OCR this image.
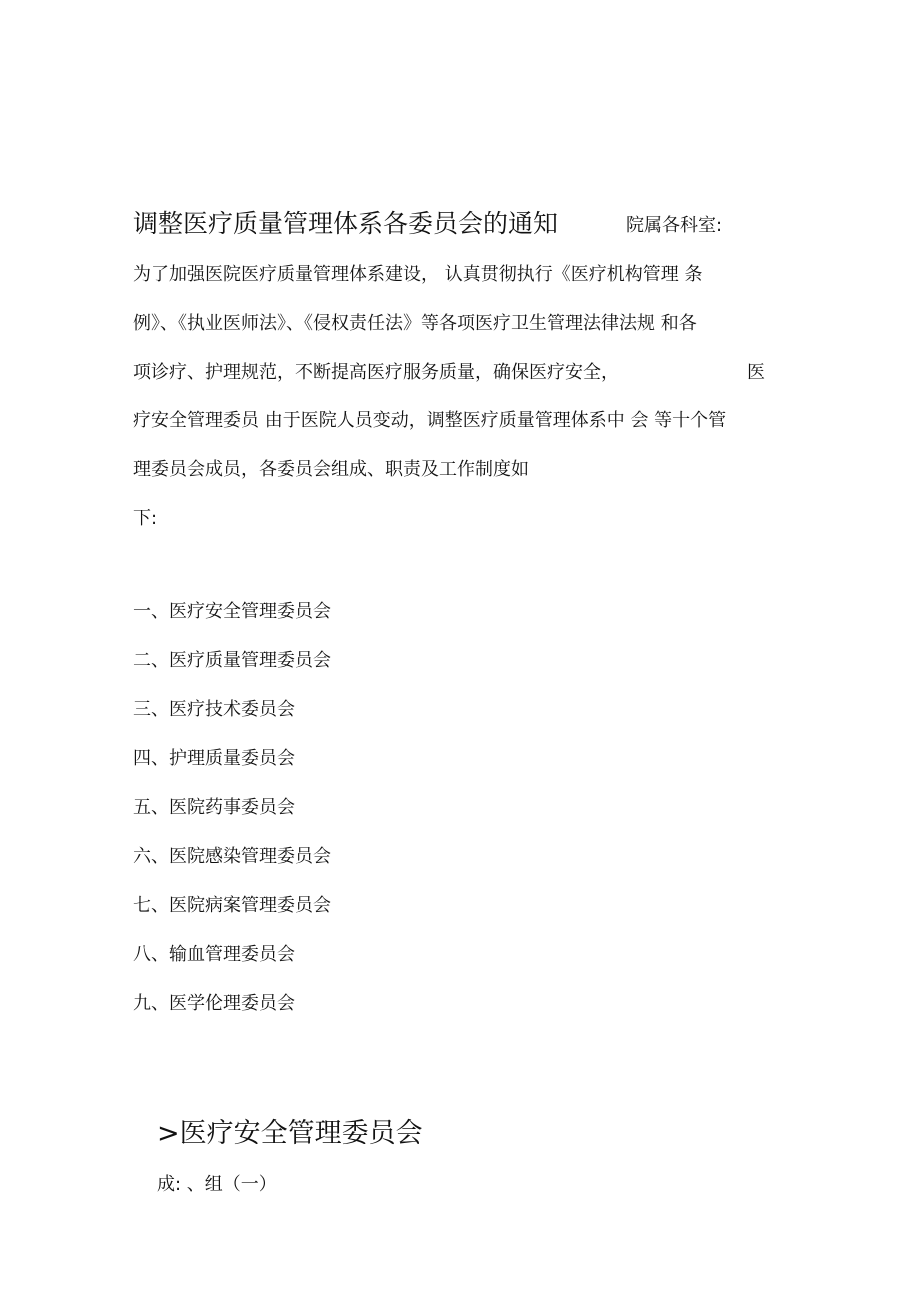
调整医疗质量管理体系各委员会的通知	院属各科室:
为了加强医院医疗质量管理体系建设， 认真贯彻执行《医疗机构管理 条
例》、《执业医师法》、《侵权责任法》等各项医疗卫生管理法律法规 和各
项诊疗、护理规范，不断提高医疗服务质量，确保医疗安全，	医
疗安全管理委员 由于医院人员变动，调整医疗质量管理体系中 会 等十个管
理委员会成员，各委员会组成、职责及工作制度如
下:
一、医疗安全管理委员会
二、医疗质量管理委员会
三、医疗技术委员会
四、护理质量委员会
五、医院药事委员会
六、医院感染管理委员会
七、医院病案管理委员会
八、输血管理委员会
九、医学伦理委员会
>医疗安全管理委员会
成: 、组（一）
